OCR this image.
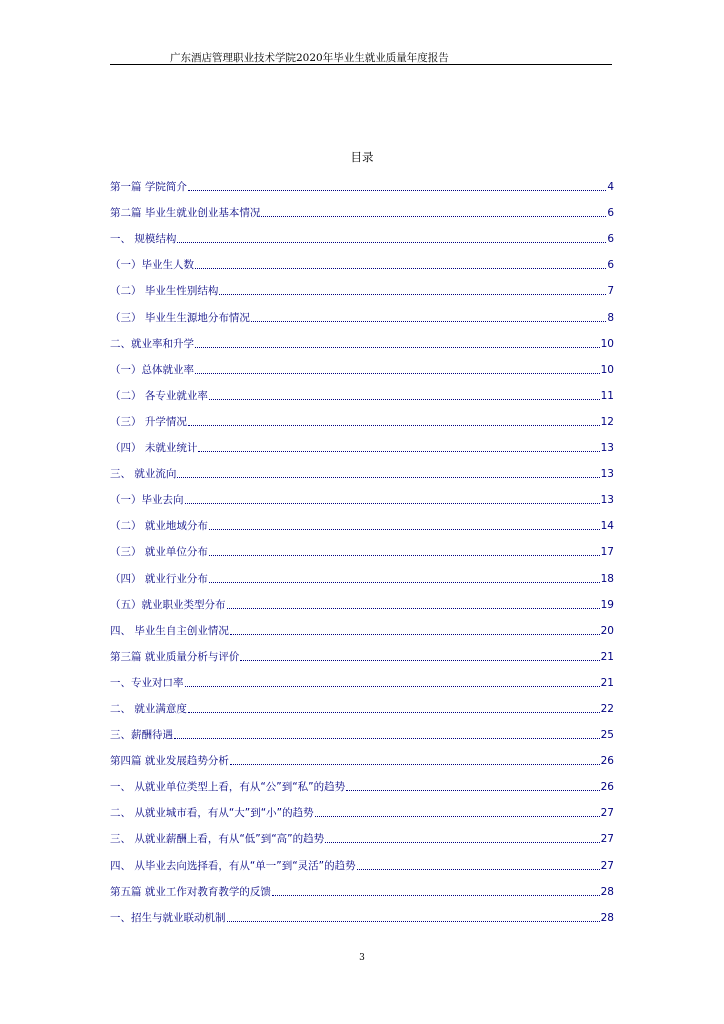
广东酒店管理职业技术学院2020年毕业生就业质量年度报告
目录
第一篇 学院简介	4
第二篇 毕业生就业创业基本情况	6
一、 规模结构	6
（一）毕业生人数	6
（二） 毕业生性别结构	7
（三） 毕业生生源地分布情况	8
二、就业率和升学	10
（一）总体就业率	10
（二） 各专业就业率	11
（三） 升学情况	12
（四） 未就业统计	13
三、 就业流向	13
（一）毕业去向	13
（二） 就业地域分布	14
（三） 就业单位分布	17
（四） 就业行业分布	18
（五）就业职业类型分布	19
四、 毕业生自主创业情况	20
第三篇 就业质量分析与评价	21
一、专业对口率	21
二、 就业满意度	22
三、薪酬待遇	25
第四篇 就业发展趋势分析	26
一、 从就业单位类型上看，有从“公”到“私”的趋势	26
二、 从就业城市看，有从“大”到“小”的趋势	27
三、 从就业薪酬上看，有从“低”到“高”的趋势	27
四、 从毕业去向选择看，有从“单一”到“灵活”的趋势	27
第五篇 就业工作对教育教学的反馈	28
一、招生与就业联动机制	28
3
